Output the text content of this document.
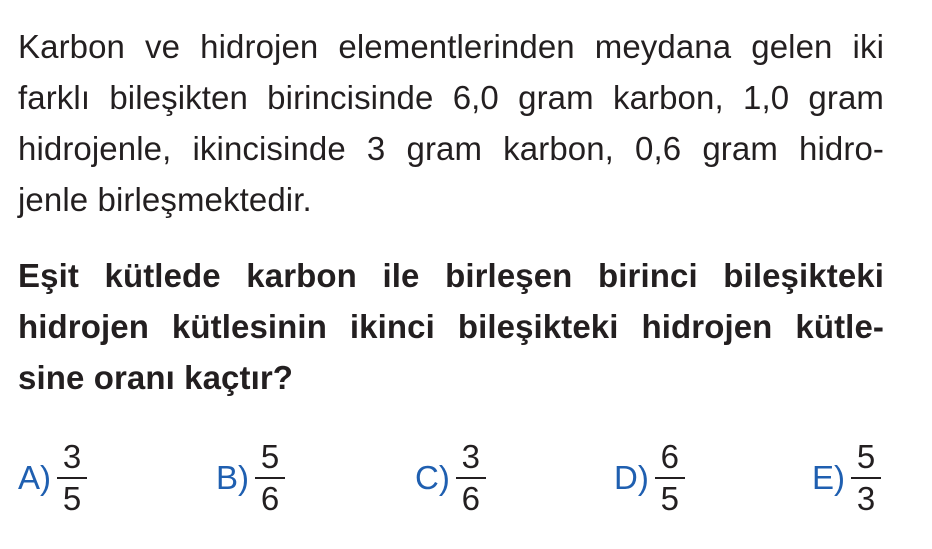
Karbon ve hidrojen elementlerinden meydana gelen iki
farklı bileşikten birincisinde 6,0 gram karbon, 1,0 gram
hidrojenle, ikincisinde 3 gram karbon, 0,6 gram hidro-
jenle birleşmektedir.
Eşit kütlede karbon ile birleşen birinci bileşikteki
hidrojen kütlesinin ikinci bileşikteki hidrojen kütle-
sine oranı kaçtır?
$A) \frac{3}{5}$	$B) \frac{5}{6}$	$C) \frac{3}{6}$	$D) \frac{6}{5}$	$E) \frac{5}{3}$
